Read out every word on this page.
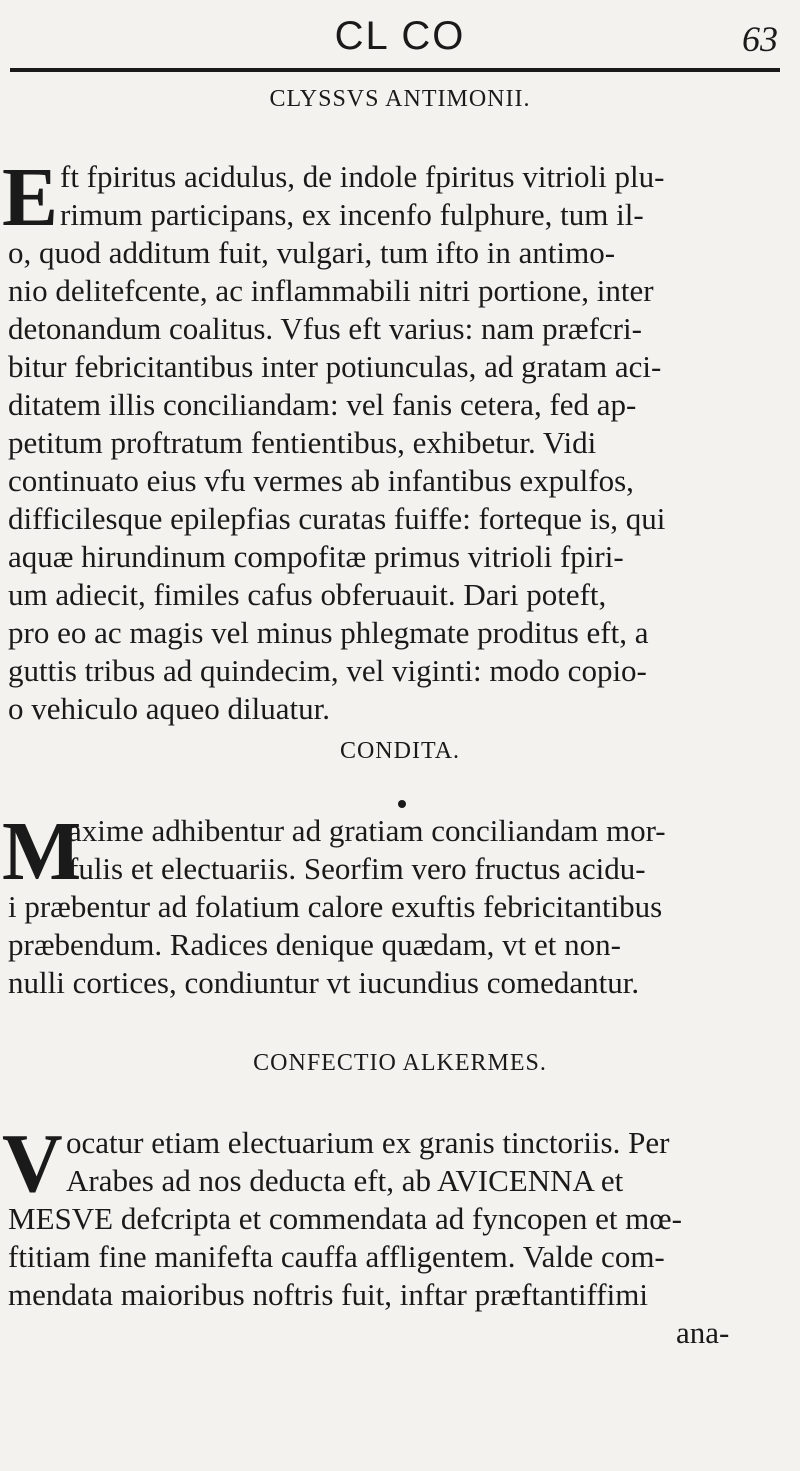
CL CO	63
CLYSSVS ANTIMONII.
E ft fpiritus acidulus, de indole fpiritus vitrioli plu-
rimum participans, ex incenfo fulphure, tum il-
o, quod additum fuit, vulgari, tum ifto in antimo-
nio delitefcente, ac inflammabili nitri portione, inter
detonandum coalitus. Vfus eft varius: nam præfcri-
bitur febricitantibus inter potiunculas, ad gratam aci-
ditatem illis conciliandam: vel fanis cetera, fed ap-
petitum proftratum fentientibus, exhibetur. Vidi
continuato eius vfu vermes ab infantibus expulfos,
difficilesque epilepfias curatas fuiffe: forteque is, qui
aquæ hirundinum compofitæ primus vitrioli fpiri-
um adiecit, fimiles cafus obferuauit. Dari poteft,
pro eo ac magis vel minus phlegmate proditus eft, a
guttis tribus ad quindecim, vel viginti: modo copio-
o vehiculo aqueo diluatur.
CONDITA.
M
axime adhibentur ad gratiam conciliandam mor-
fulis et electuariis. Seorfim vero fructus acidu-
i præbentur ad folatium calore exuftis febricitantibus
præbendum. Radices denique quædam, vt et non-
nulli cortices, condiuntur vt iucundius comedantur.
CONFECTIO ALKERMES.
V ocatur etiam electuarium ex granis tinctoriis. Per
Arabes ad nos deducta eft, ab AVICENNA et
MESVE defcripta et commendata ad fyncopen et mœ-
ftitiam fine manifefta cauffa affligentem. Valde com-
mendata maioribus noftris fuit, inftar præftantiffimi
ana-
